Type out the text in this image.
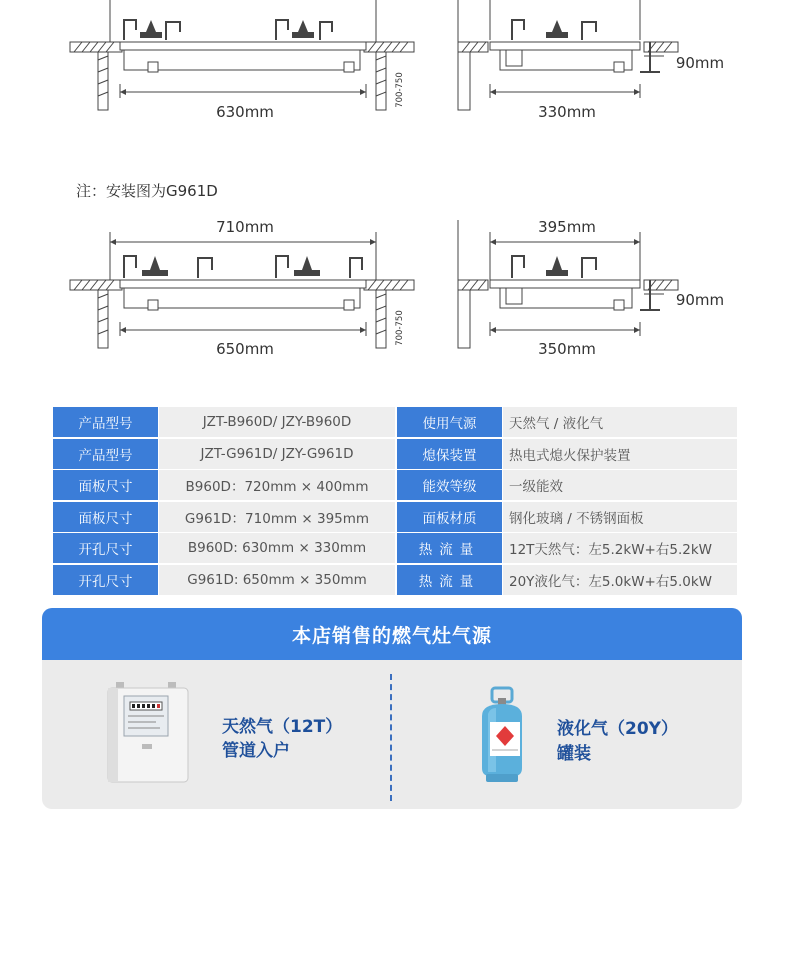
630mm
700-750
90mm
330mm
注：安装图为G961D
710mm
650mm
700-750
395mm
90mm
350mm
产品型号	JZT-B960D/ JZY-B960D	使用气源	天然气 / 液化气
产品型号	JZT-G961D/ JZY-G961D	熄保装置	热电式熄火保护装置
面板尺寸	B960D：720mm × 400mm	能效等级	一级能效
面板尺寸	G961D：710mm × 395mm	面板材质	钢化玻璃 / 不锈钢面板
开孔尺寸	B960D: 630mm × 330mm	热流量	12T天然气：左5.2kW+右5.2kW
开孔尺寸	G961D: 650mm × 350mm	热流量	20Y液化气：左5.0kW+右5.0kW
本店销售的燃气灶气源
天然气（12T）
管道入户
液化气（20Y）
罐装
